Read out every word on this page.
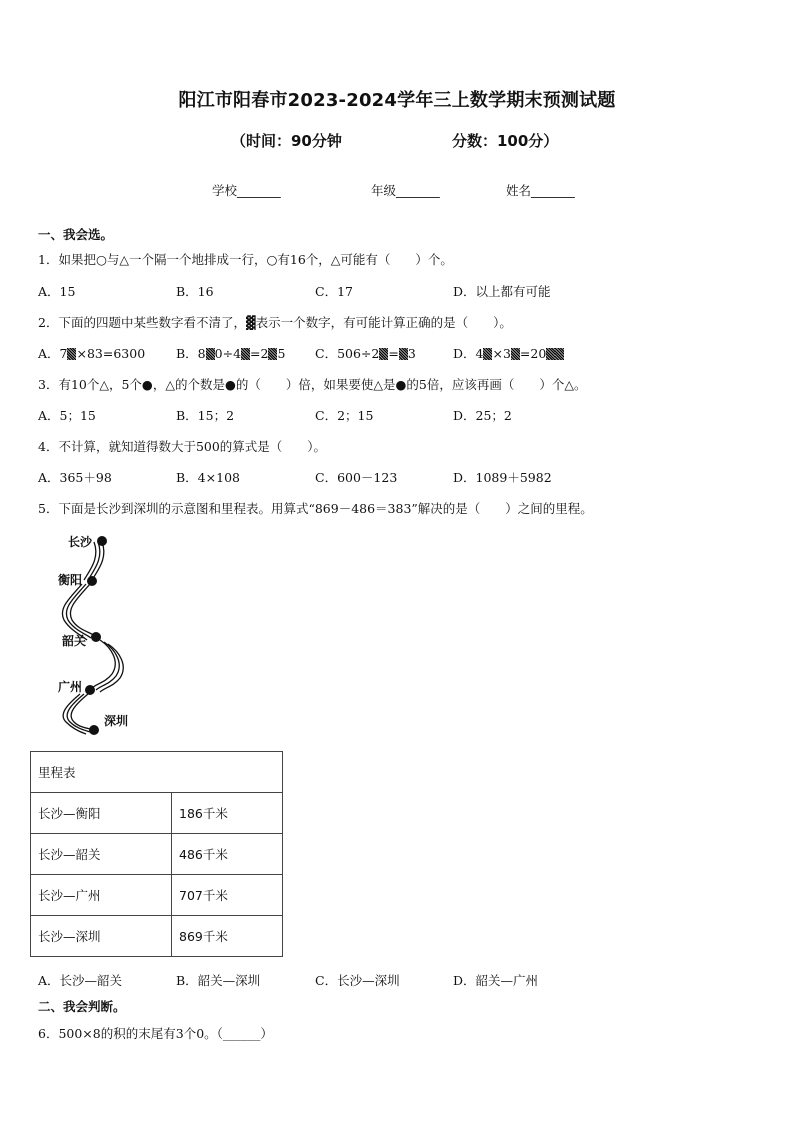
阳江市阳春市2023-2024学年三上数学期末预测试题
（时间：90分钟	分数：100分）
学校_______	年级_______	姓名_______
一、我会选。
1．如果把○与△一个隔一个地排成一行，○有16个，△可能有（　　）个。
A．15	B．16	C．17	D．以上都有可能
2．下面的四题中某些数字看不清了，▓表示一个数字，有可能计算正确的是（　　）。
A．7 ×83=6300 B．8 0÷4 =2 5 C．506÷2 = 3	D．4 ×3 =20
3．有10个△，5个●，△的个数是●的（　　）倍，如果要使△是●的5倍，应该再画（　　）个△。
A．5；15	B．15；2	C．2；15	D．25；2
4．不计算，就知道得数大于500的算式是（　　）。
A．365＋98	B．4×108	C．600－123	D．1089＋5982
5．下面是长沙到深圳的示意图和里程表。用算式“869－486＝383”解决的是（　　）之间的里程。
长沙
衡阳
韶关
广州
深圳
里程表	
长沙—衡阳	186千米
长沙—韶关	486千米
长沙—广州	707千米
长沙—深圳	869千米
A．长沙—韶关	B．韶关—深圳	C．长沙—深圳	D．韶关—广州
二、我会判断。
6．500×8的积的末尾有3个0。（______）
